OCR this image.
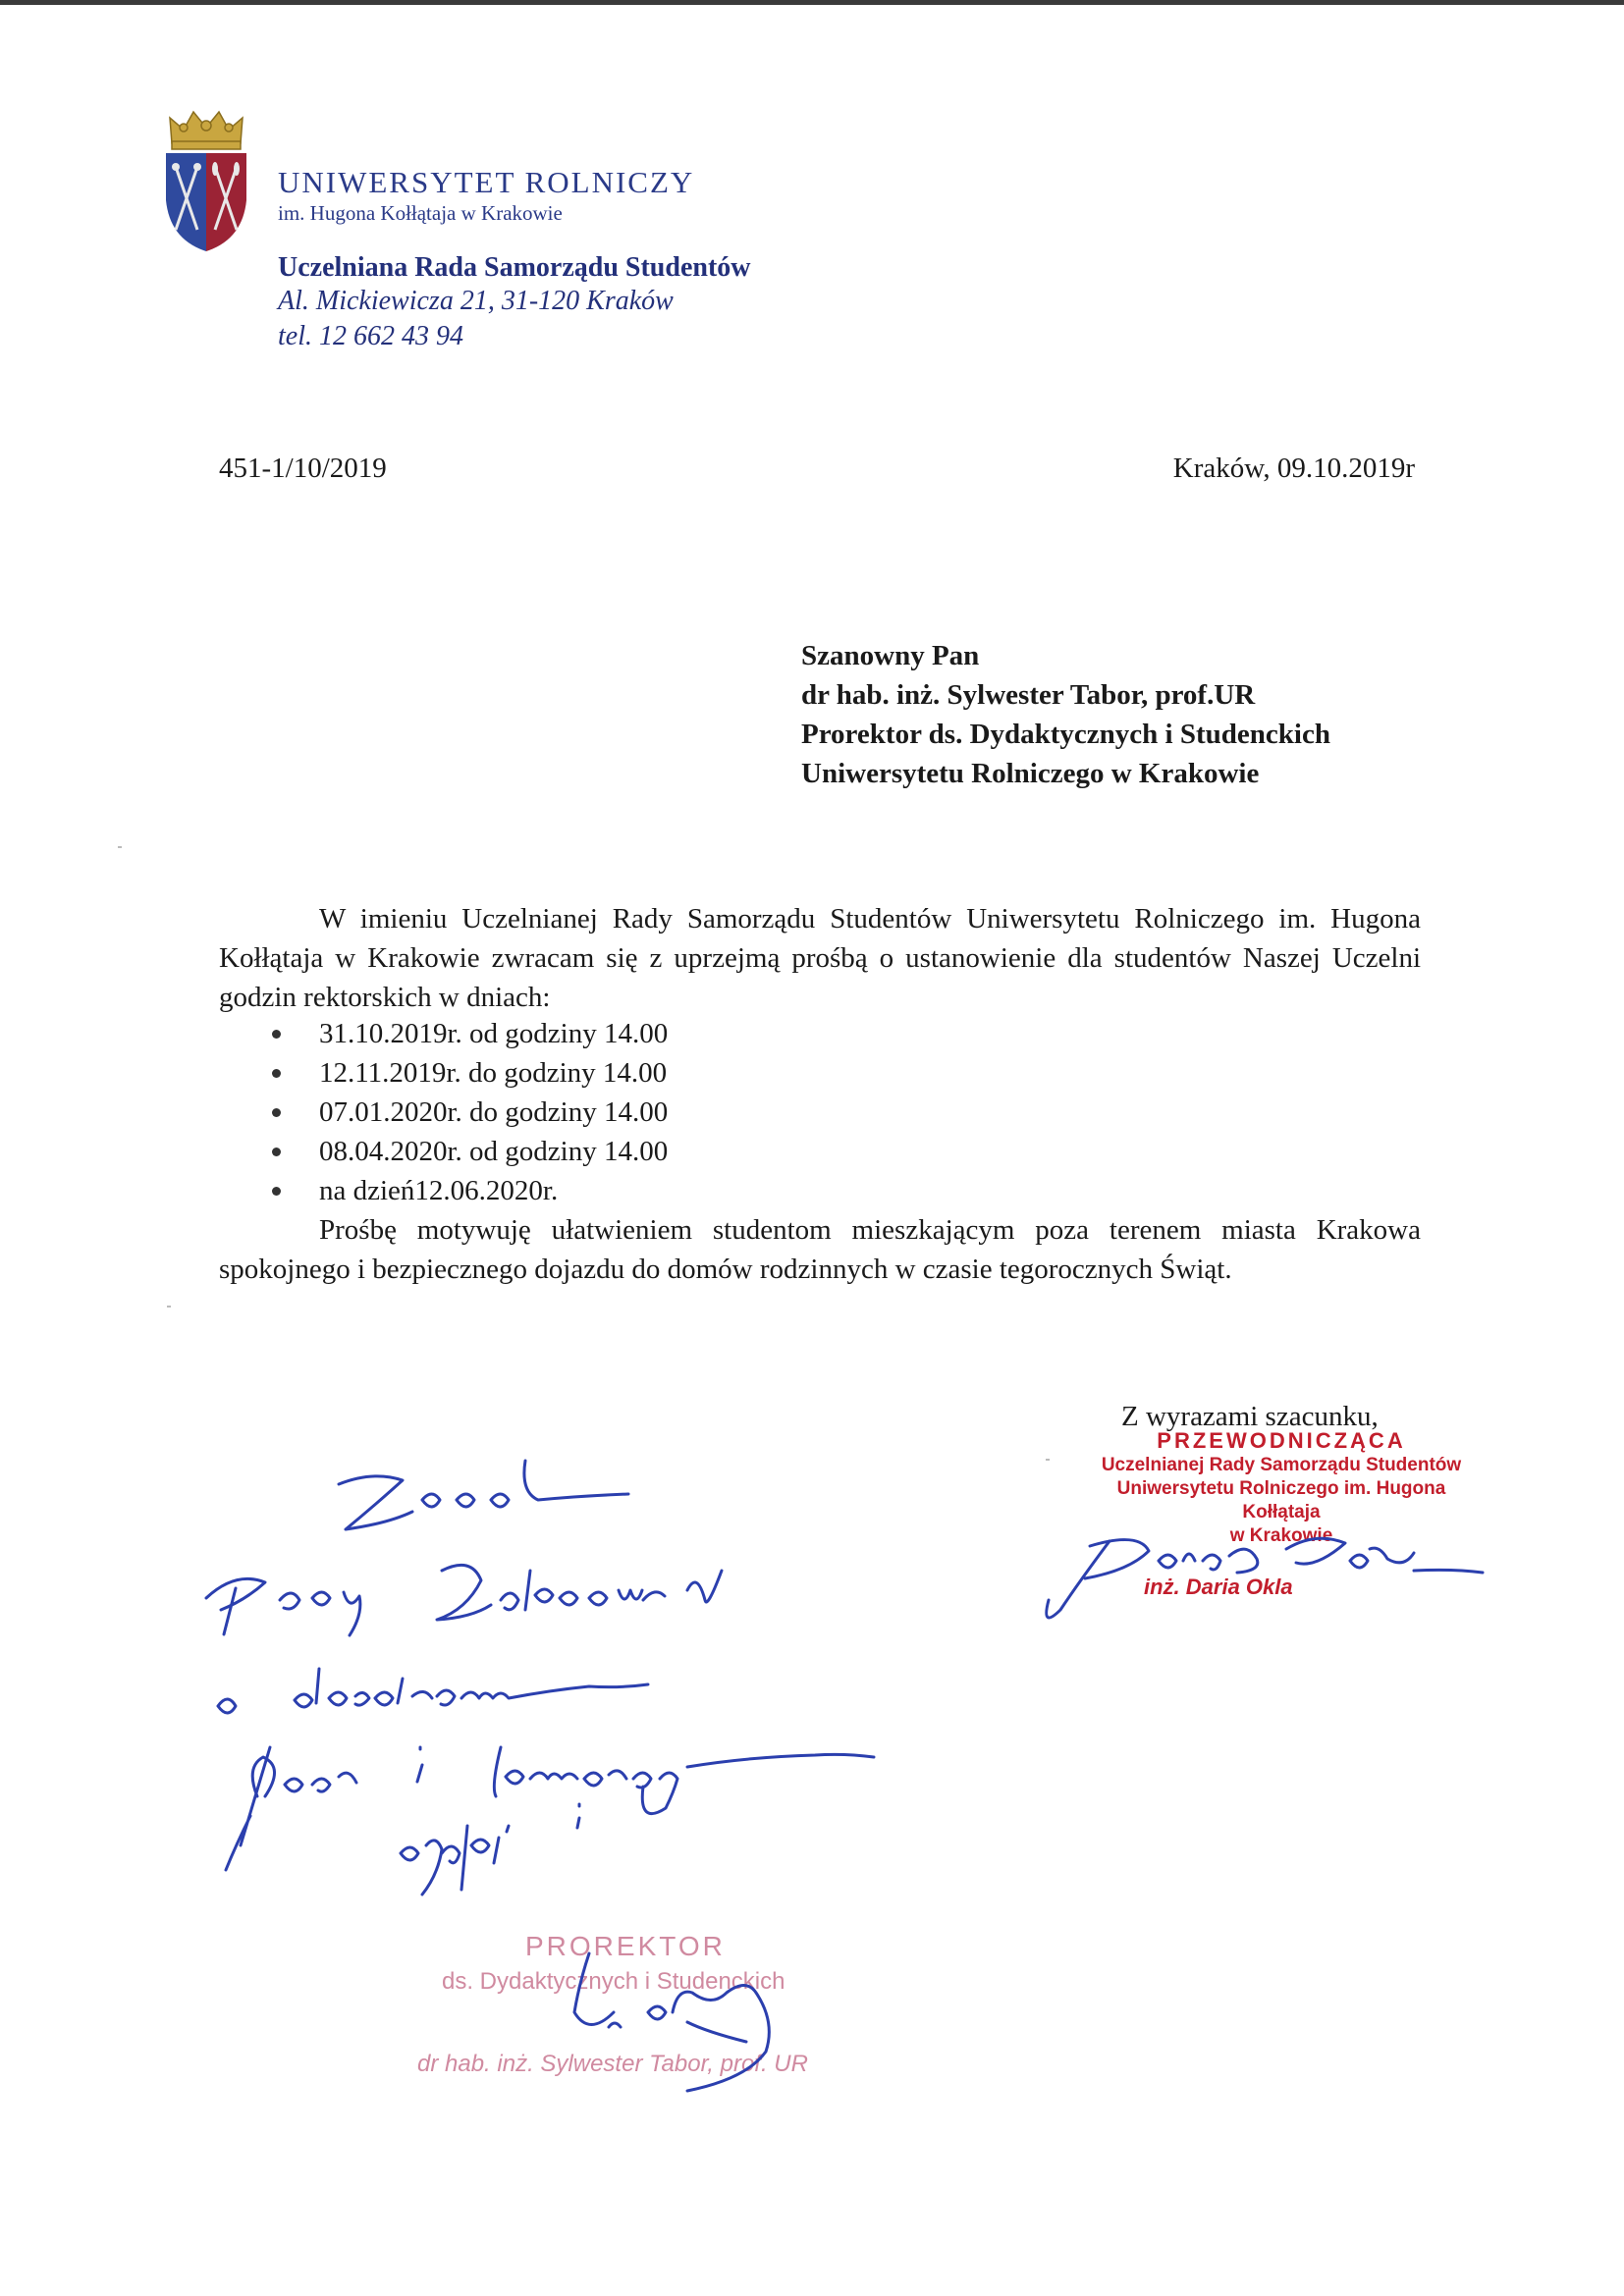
UNIWERSYTET ROLNICZY
im. Hugona Kołłątaja w Krakowie
Uczelniana Rada Samorządu Studentów
Al. Mickiewicza 21, 31-120 Kraków
tel. 12 662 43 94
451-1/10/2019	Kraków, 09.10.2019r
Szanowny Pan
dr hab. inż. Sylwester Tabor, prof.UR
Prorektor ds. Dydaktycznych i Studenckich
Uniwersytetu Rolniczego w Krakowie
W imieniu Uczelnianej Rady Samorządu Studentów Uniwersytetu Rolniczego im. Hugona Kołłątaja w Krakowie zwracam się z uprzejmą prośbą o ustanowienie dla studentów Naszej Uczelni godzin rektorskich w dniach:
31.10.2019r. od godziny 14.00
12.11.2019r. do godziny 14.00
07.01.2020r. do godziny 14.00
08.04.2020r. od godziny 14.00
na dzień12.06.2020r.
Prośbę motywuję ułatwieniem studentom mieszkającym poza terenem miasta Krakowa spokojnego i bezpiecznego dojazdu do domów rodzinnych w czasie tegorocznych Świąt.
Z wyrazami szacunku,
PRZEWODNICZĄCA
Uczelnianej Rady Samorządu Studentów
Uniwersytetu Rolniczego im. Hugona Kołłątaja
w Krakowie
inż. Daria Okla
PROREKTOR
ds. Dydaktycznych i Studenckich
dr hab. inż. Sylwester Tabor, prof. UR
